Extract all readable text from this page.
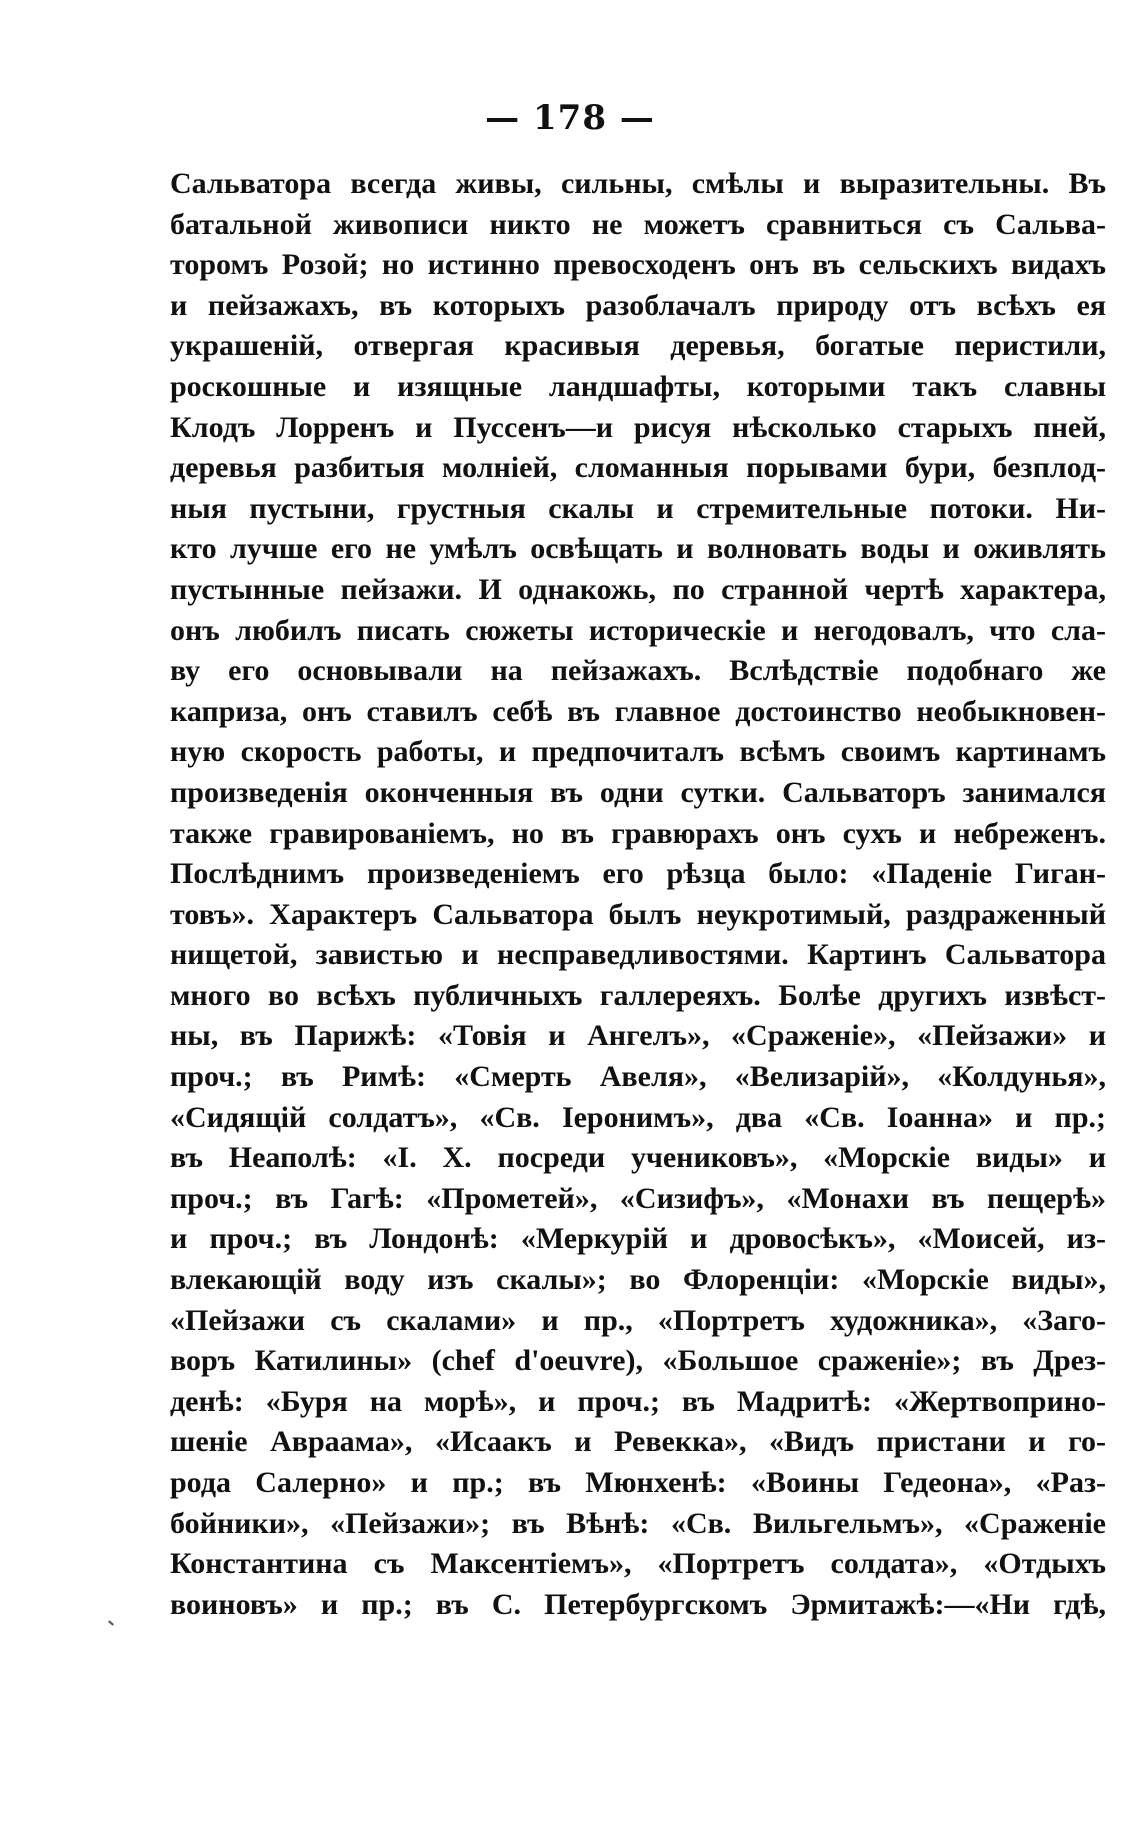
— 178 —
Сальватора всегда живы, сильны, смѣлы и выразительны. Въ
батальной живописи никто не можетъ сравниться съ Сальва-
торомъ Розой; но истинно превосходенъ онъ въ сельскихъ видахъ
и пейзажахъ, въ которыхъ разоблачалъ природу отъ всѣхъ ея
украшеній, отвергая красивыя деревья, богатые перистили,
роскошные и изящные ландшафты, которыми такъ славны
Клодъ Лорренъ и Пуссенъ—и рисуя нѣсколько старыхъ пней,
деревья разбитыя молніей, сломанныя порывами бури, безплод-
ныя пустыни, грустныя скалы и стремительные потоки. Ни-
кто лучше его не умѣлъ освѣщать и волновать воды и оживлять
пустынные пейзажи. И однакожь, по странной чертѣ характера,
онъ любилъ писать сюжеты историческіе и негодовалъ, что сла-
ву его основывали на пейзажахъ. Вслѣдствіе подобнаго же
каприза, онъ ставилъ себѣ въ главное достоинство необыкновен-
ную скорость работы, и предпочиталъ всѣмъ своимъ картинамъ
произведенія оконченныя въ одни сутки. Сальваторъ занимался
также гравированіемъ, но въ гравюрахъ онъ сухъ и небреженъ.
Послѣднимъ произведеніемъ его рѣзца было: «Паденіе Гиган-
товъ». Характеръ Сальватора былъ неукротимый, раздраженный
нищетой, завистью и несправедливостями. Картинъ Сальватора
много во всѣхъ публичныхъ галлереяхъ. Болѣе другихъ извѣст-
ны, въ Парижѣ: «Товія и Ангелъ», «Сраженіе», «Пейзажи» и
проч.; въ Римѣ: «Смерть Авеля», «Велизарій», «Колдунья»,
«Сидящій солдатъ», «Св. Іеронимъ», два «Св. Іоанна» и пр.;
въ Неаполѣ: «І. Х. посреди учениковъ», «Морскіе виды» и
проч.; въ Гагѣ: «Прометей», «Сизифъ», «Монахи въ пещерѣ»
и проч.; въ Лондонѣ: «Меркурій и дровосѣкъ», «Моисей, из-
влекающій воду изъ скалы»; во Флоренціи: «Морскіе виды»,
«Пейзажи съ скалами» и пр., «Портретъ художника», «Заго-
воръ Катилины» (chef d'oeuvre), «Большое сраженіе»; въ Дрез-
денѣ: «Буря на морѣ», и проч.; въ Мадритѣ: «Жертвоприно-
шеніе Авраама», «Исаакъ и Ревекка», «Видъ пристани и го-
рода Салерно» и пр.; въ Мюнхенѣ: «Воины Гедеона», «Раз-
бойники», «Пейзажи»; въ Вѣнѣ: «Св. Вильгельмъ», «Сраженіе
Константина съ Максентіемъ», «Портретъ солдата», «Отдыхъ
воиновъ» и пр.; въ С. Петербургскомъ Эрмитажѣ:—«Ни гдѣ,
